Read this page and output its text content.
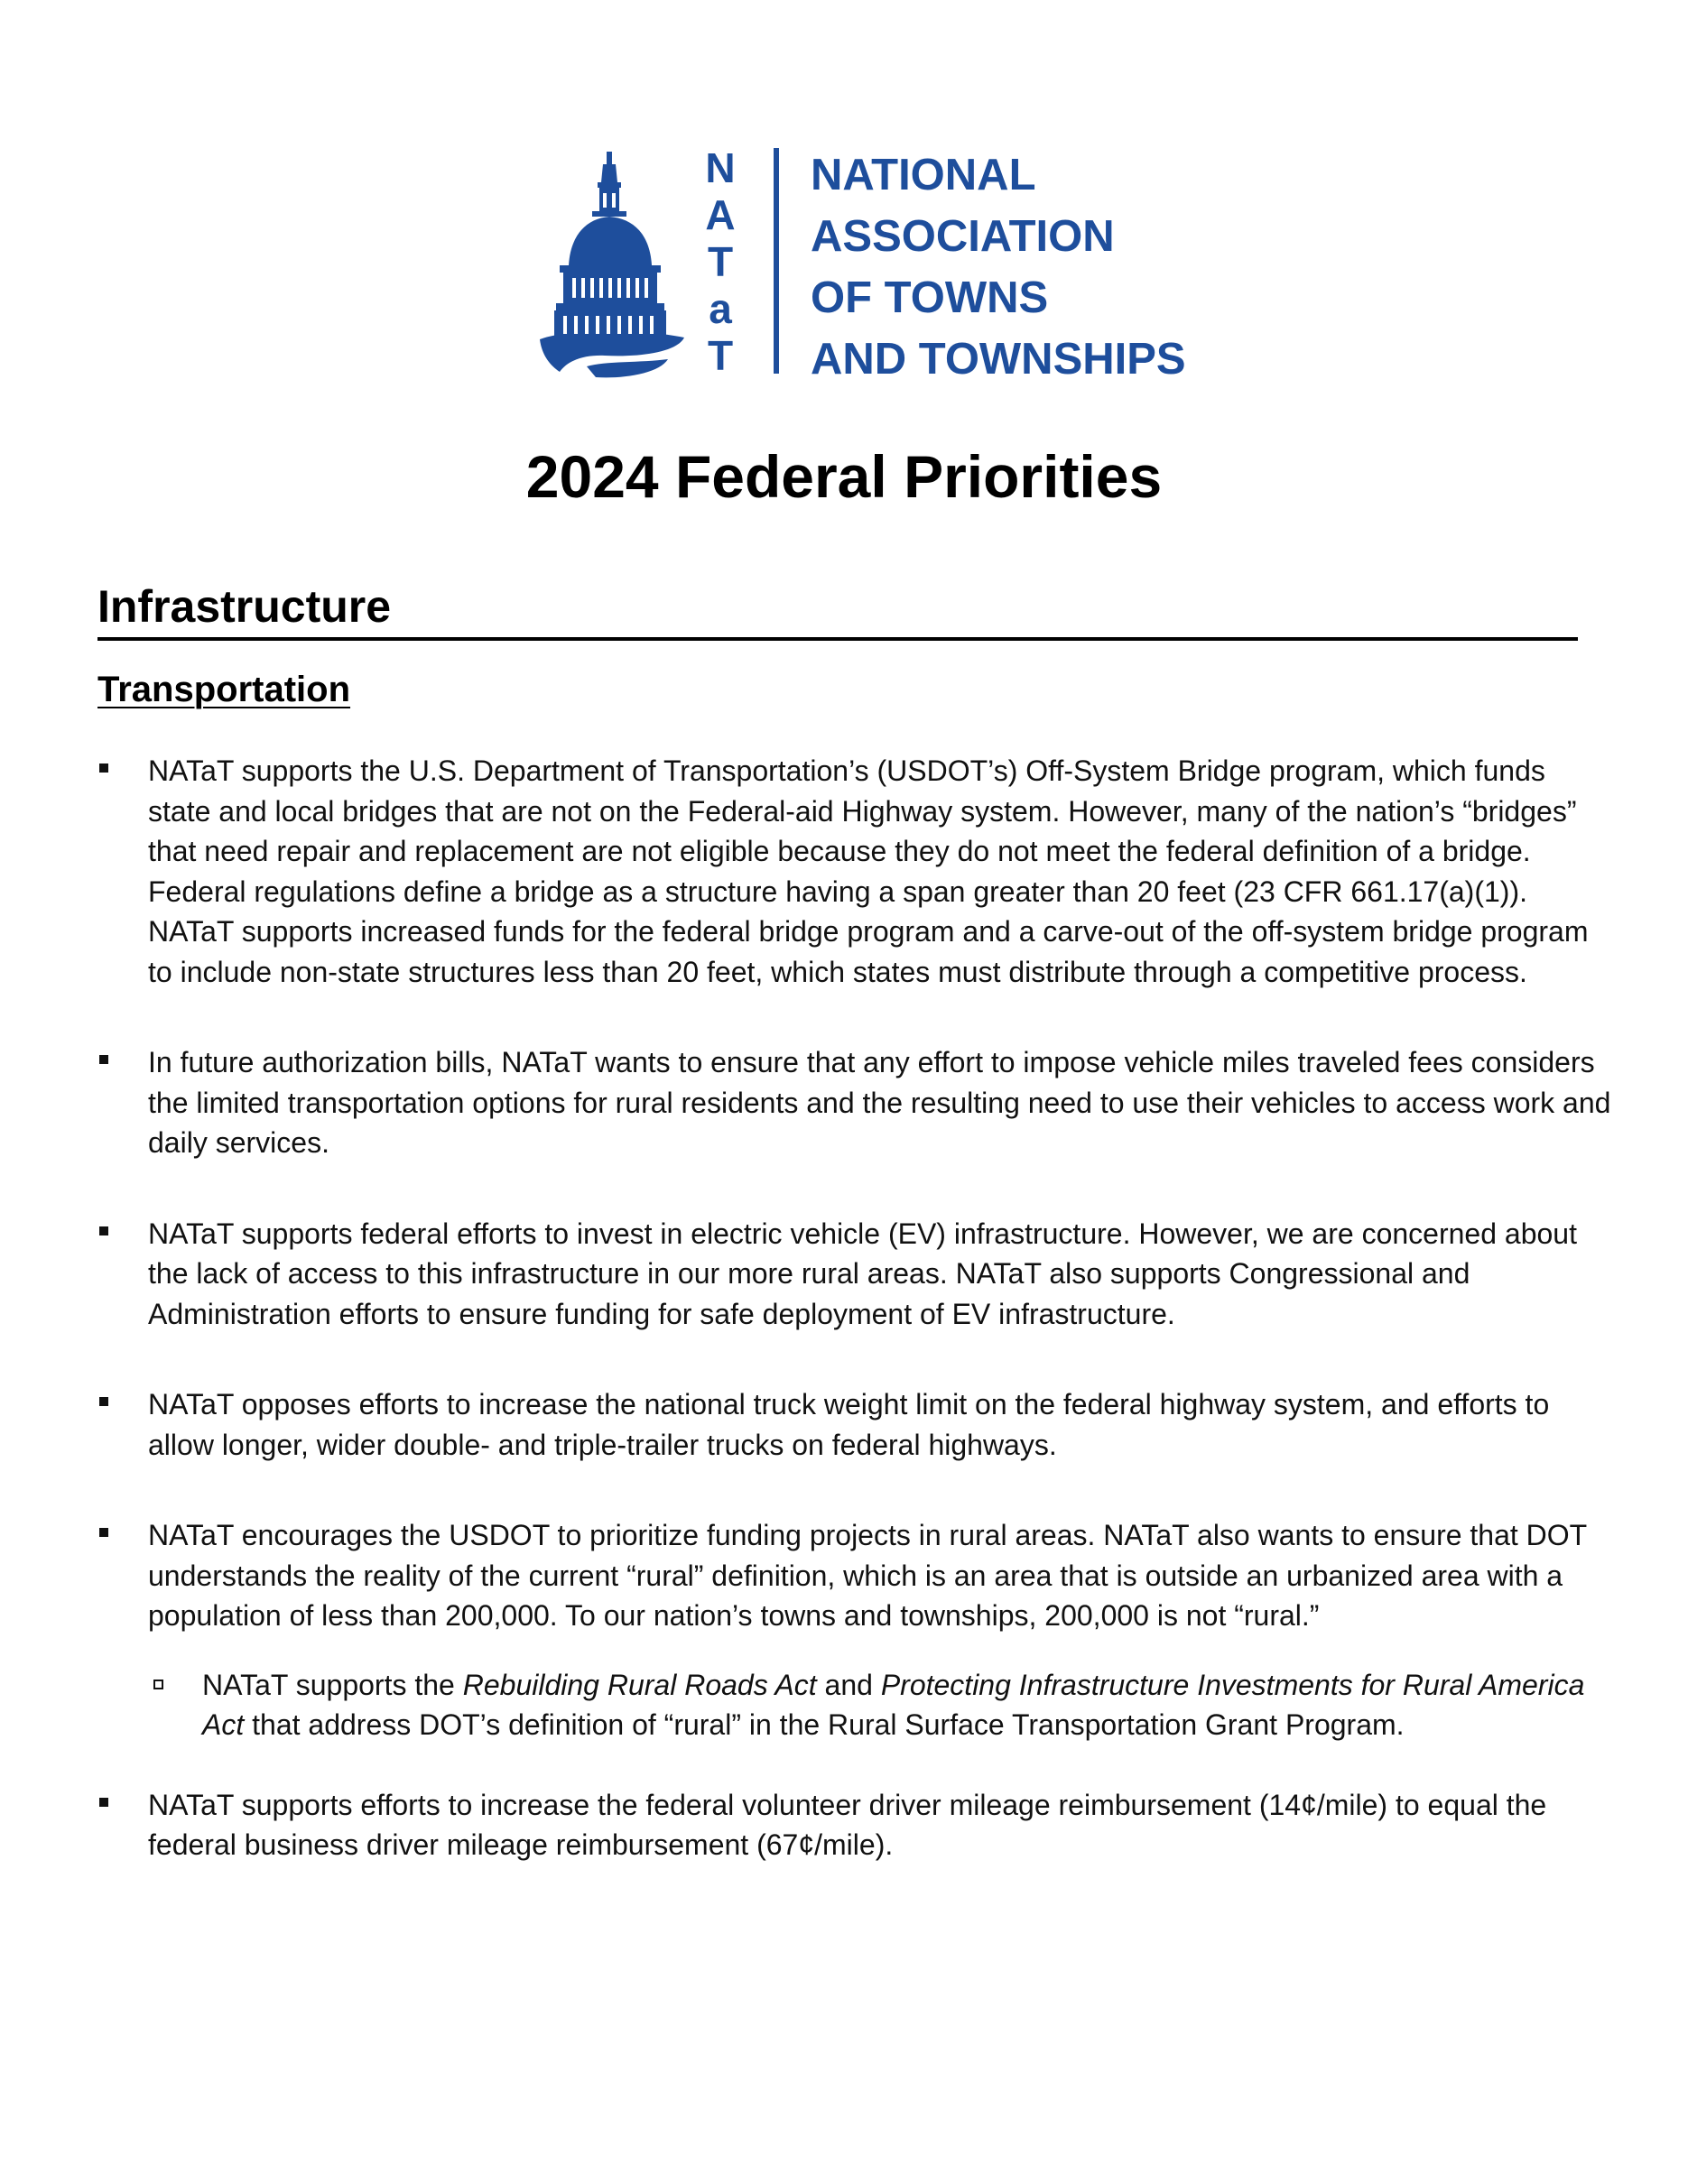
N
A
T
a
T
NATIONAL
ASSOCIATION
OF TOWNS
AND TOWNSHIPS
2024 Federal Priorities
Infrastructure
Transportation
NATaT supports the U.S. Department of Transportation’s (USDOT’s) Off-System Bridge program, which funds state and local bridges that are not on the Federal-aid Highway system. However, many of the nation’s “bridges” that need repair and replacement are not eligible because they do not meet the federal definition of a bridge. Federal regulations define a bridge as a structure having a span greater than 20 feet (23 CFR 661.17(a)(1)). NATaT supports increased funds for the federal bridge program and a carve-out of the off-system bridge program to include non-state structures less than 20 feet, which states must distribute through a competitive process.
In future authorization bills, NATaT wants to ensure that any effort to impose vehicle miles traveled fees considers the limited transportation options for rural residents and the resulting need to use their vehicles to access work and daily services.
NATaT supports federal efforts to invest in electric vehicle (EV) infrastructure. However, we are concerned about the lack of access to this infrastructure in our more rural areas. NATaT also supports Congressional and Administration efforts to ensure funding for safe deployment of EV infrastructure.
NATaT opposes efforts to increase the national truck weight limit on the federal highway system, and efforts to allow longer, wider double- and triple-trailer trucks on federal highways.
NATaT encourages the USDOT to prioritize funding projects in rural areas. NATaT also wants to ensure that DOT understands the reality of the current “rural” definition, which is an area that is outside an urbanized area with a population of less than 200,000. To our nation’s towns and townships, 200,000 is not “rural.”
NATaT supports the Rebuilding Rural Roads Act and Protecting Infrastructure Investments for Rural America Act that address DOT’s definition of “rural” in the Rural Surface Transportation Grant Program.
NATaT supports efforts to increase the federal volunteer driver mileage reimbursement (14¢/mile) to equal the federal business driver mileage reimbursement (67¢/mile).
